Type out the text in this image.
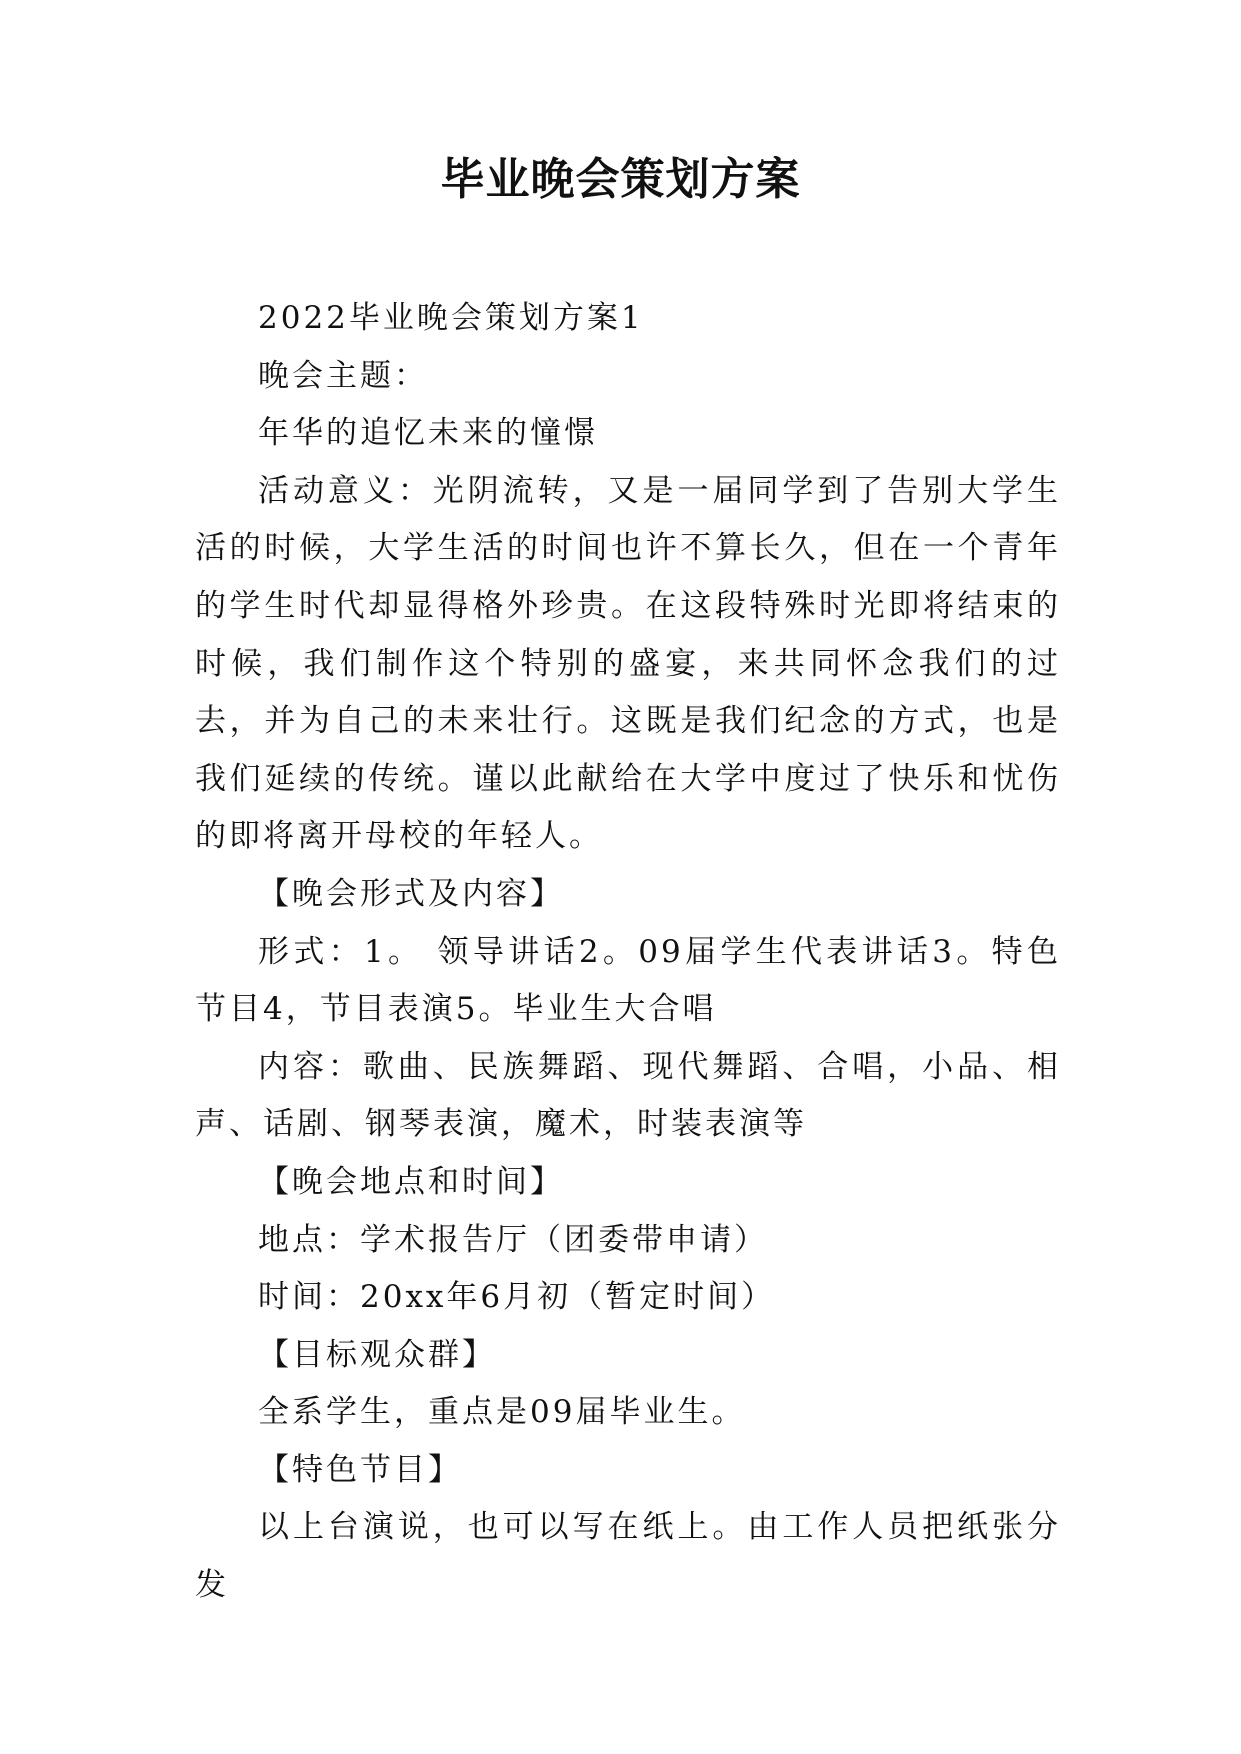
毕业晚会策划方案

2022毕业晚会策划方案1

晚会主题：

年华的追忆未来的憧憬

活动意义：光阴流转，又是一届同学到了告别大学生活的时候，大学生活的时间也许不算长久，但在一个青年的学生时代却显得格外珍贵。在这段特殊时光即将结束的时候，我们制作这个特别的盛宴，来共同怀念我们的过去，并为自己的未来壮行。这既是我们纪念的方式，也是我们延续的传统。谨以此献给在大学中度过了快乐和忧伤的即将离开母校的年轻人。

【晚会形式及内容】

形式：1。 领导讲话2。09届学生代表讲话3。特色节目4，节目表演5。毕业生大合唱

内容：歌曲、民族舞蹈、现代舞蹈、合唱，小品、相声、话剧、钢琴表演，魔术，时装表演等

【晚会地点和时间】

地点：学术报告厅（团委带申请）

时间：20xx年6月初（暂定时间）

【目标观众群】

全系学生，重点是09届毕业生。

【特色节目】

以上台演说，也可以写在纸上。由工作人员把纸张分发
